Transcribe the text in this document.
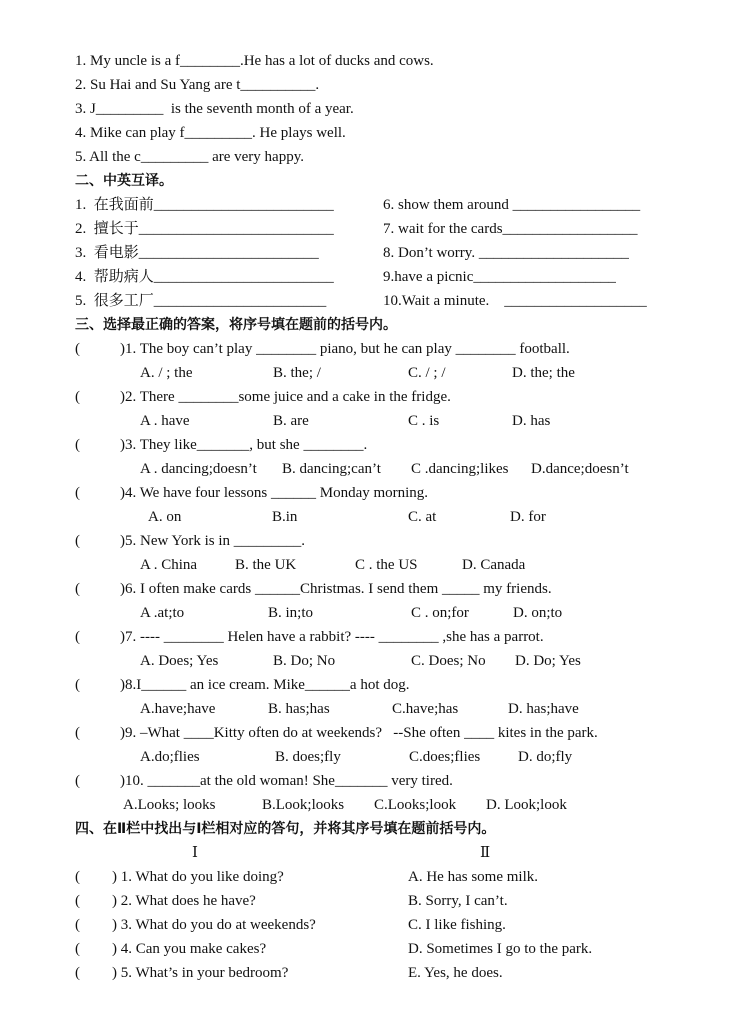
1. My uncle is a f________.He has a lot of ducks and cows.
2. Su Hai and Su Yang are t__________.
3. J_________  is the seventh month of a year.
4. Mike can play f_________. He plays well.
5. All the c_________ are very happy.
二、中英互译。
1.  在我面前________________________	6. show them around _________________
2.  擅长于__________________________	7. wait for the cards__________________
3.  看电影________________________	8. Don’t worry. ____________________
4.  帮助病人________________________	9.have a picnic___________________
5.  很多工厂_______________________	10.Wait a minute.    ___________________
三、选择最正确的答案，将序号填在题前的括号内。
(	)1. The boy can’t play ________ piano, but he can play ________ football.
A. / ; the	B. the; /	C. / ; /	D. the; the
(	)2. There ________some juice and a cake in the fridge.
A . have	B. are	C . is	D. has
(	)3. They like_______, but she ________.
A . dancing;doesn’t B. dancing;can’t C .dancing;likes D.dance;doesn’t
(	)4. We have four lessons ______ Monday morning.
A. on	B.in	C. at	D. for
(	)5. New York is in _________.
A . China	B. the UK	C . the US	D. Canada
(	)6. I often make cards ______Christmas. I send them _____ my friends.
A .at;to	B. in;to	C . on;for	D. on;to
(	)7. ---- ________ Helen have a rabbit? ---- ________ ,she has a parrot.
A. Does; Yes	B. Do; No	C. Does; No D. Do; Yes
(	)8.I______ an ice cream. Mike______a hot dog.
A.have;have	B. has;has	C.have;has	D. has;have
(	)9. –What ____Kitty often do at weekends?   --She often ____ kites in the park.
A.do;flies	B. does;fly	C.does;flies	D. do;fly
(	)10. _______at the old woman! She_______ very tired.
A.Looks; looks	B.Look;looks C.Looks;look D. Look;look
四、在Ⅱ栏中找出与Ⅰ栏相对应的答句，并将其序号填在题前括号内。
Ⅰ	Ⅱ
( ) 1. What do you like doing?	A. He has some milk.
( ) 2. What does he have?	B. Sorry, I can’t.
( ) 3. What do you do at weekends?	C. I like fishing.
( ) 4. Can you make cakes?	D. Sometimes I go to the park.
( ) 5. What’s in your bedroom?	E. Yes, he does.
